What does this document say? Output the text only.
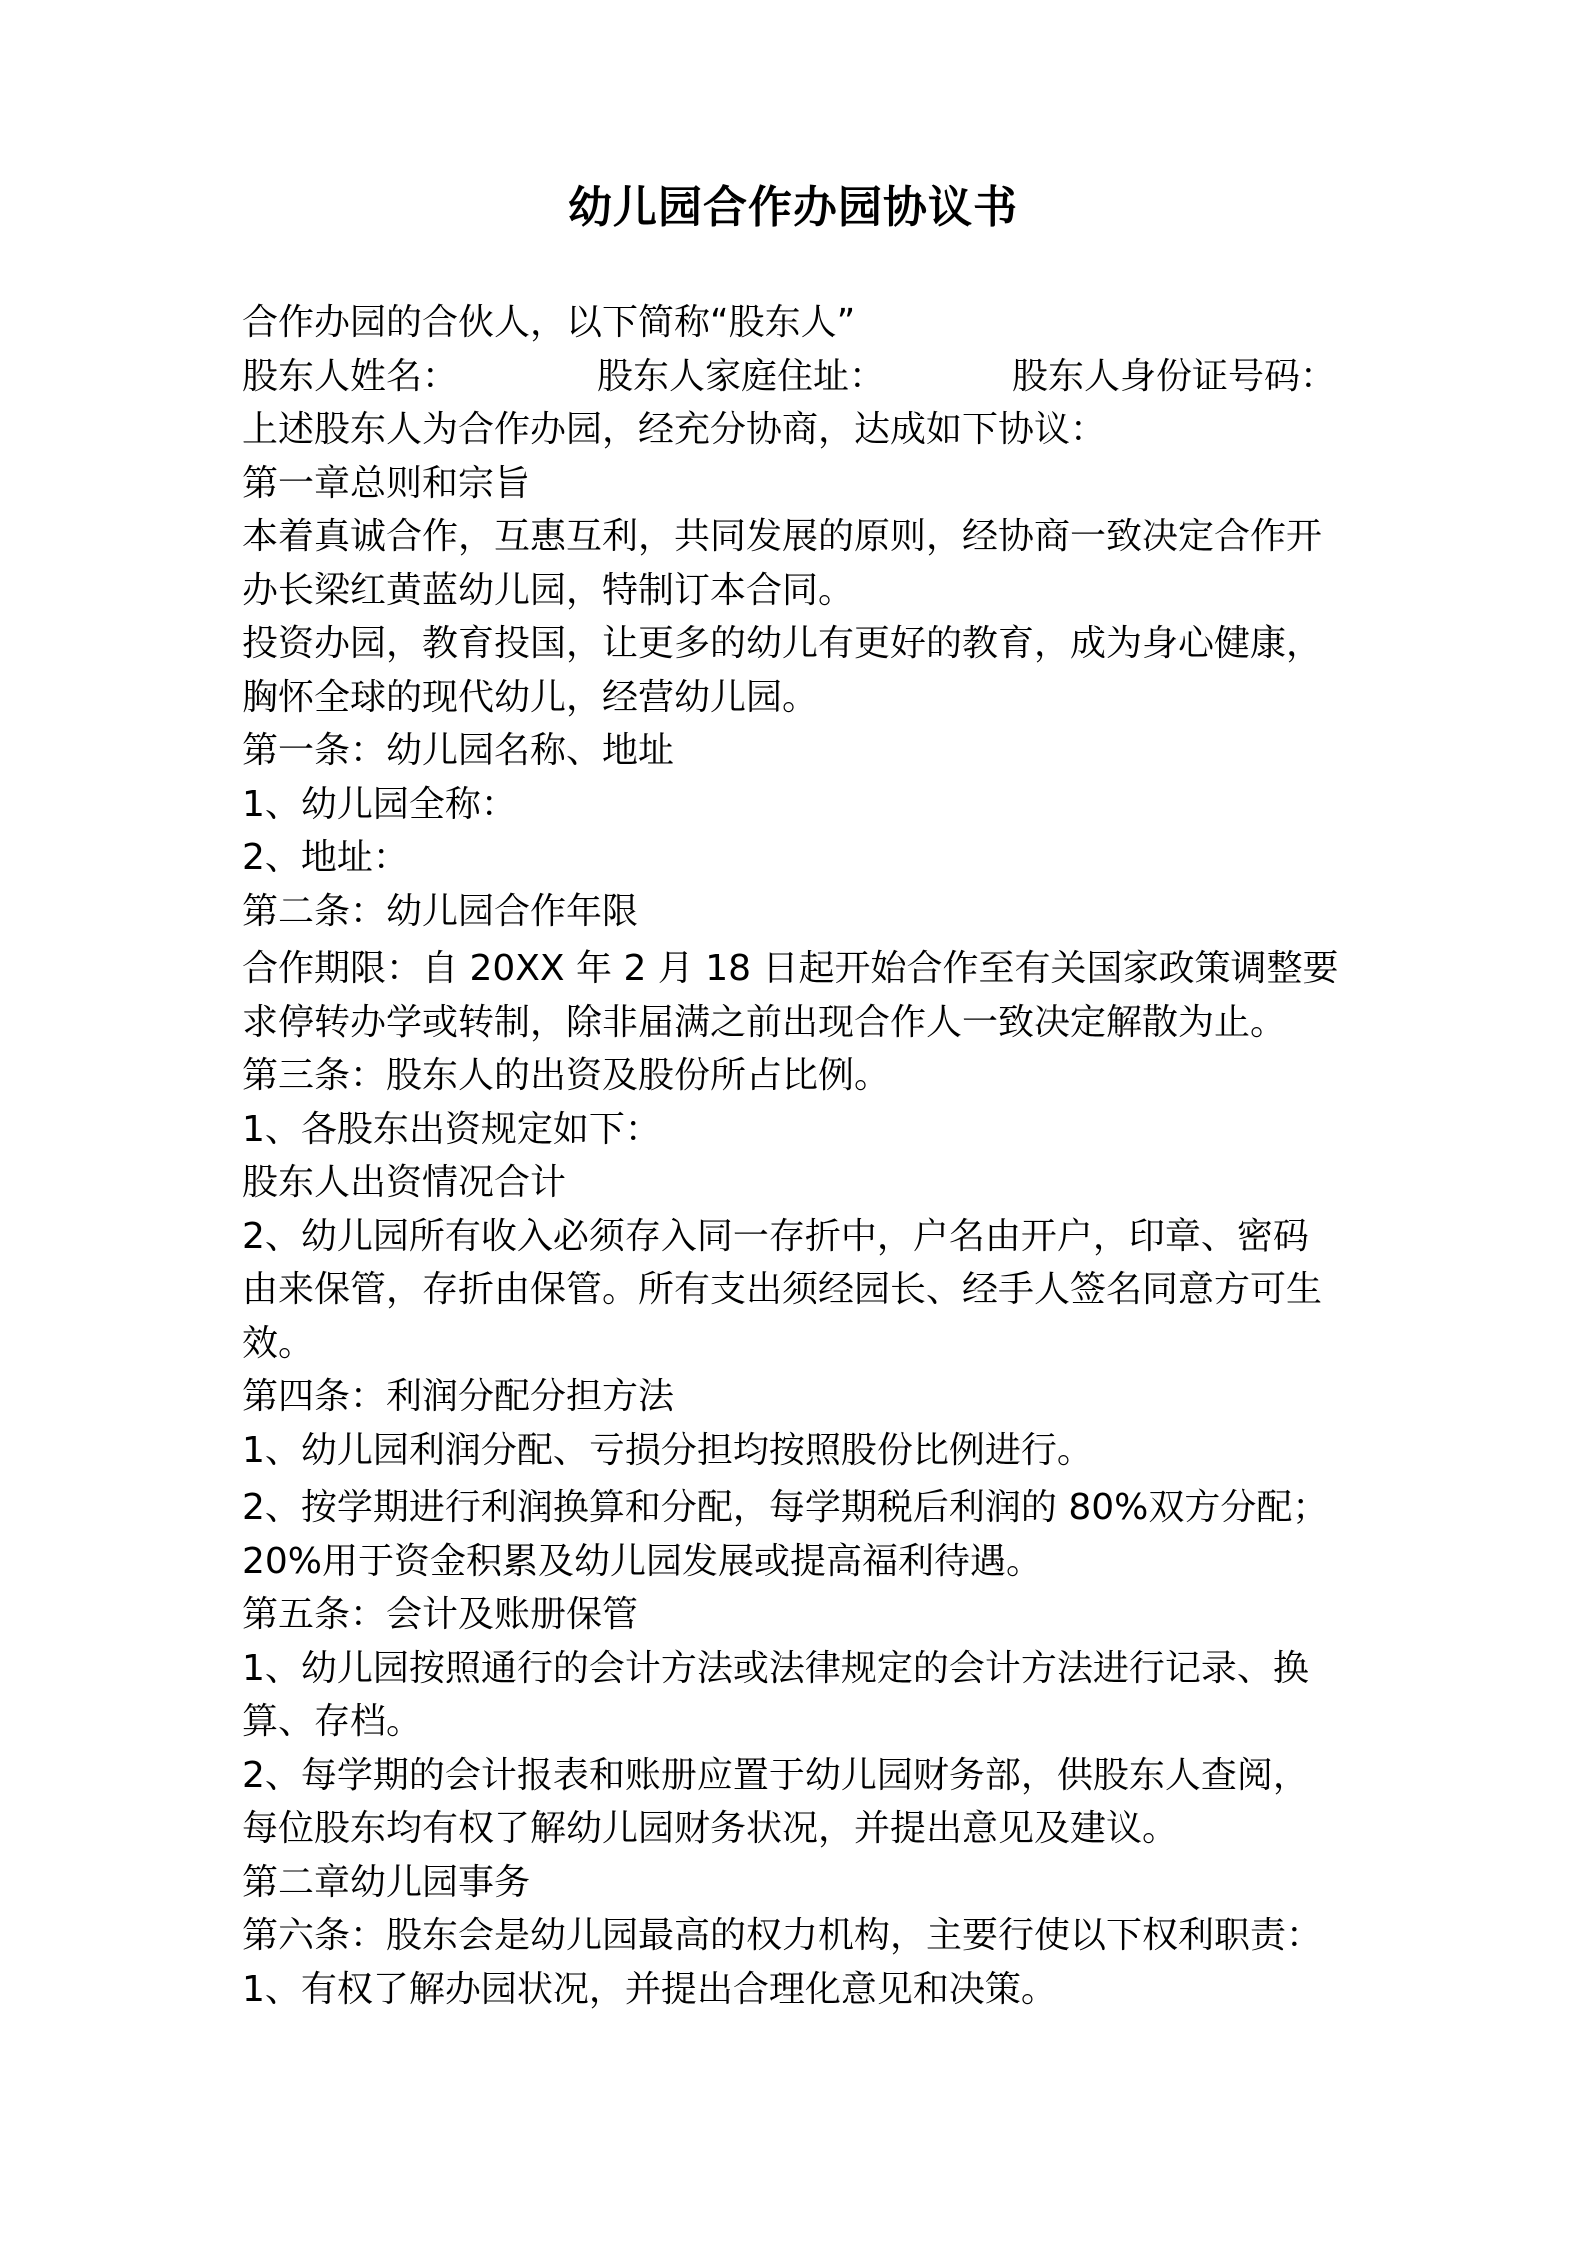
幼儿园合作办园协议书
合作办园的合伙人，以下简称“股东人”
股东人姓名：	股东人家庭住址：	股东人身份证号码：
上述股东人为合作办园，经充分协商，达成如下协议：
第一章总则和宗旨
本着真诚合作，互惠互利，共同发展的原则，经协商一致决定合作开
办长梁红黄蓝幼儿园，特制订本合同。
投资办园，教育投国，让更多的幼儿有更好的教育，成为身心健康，
胸怀全球的现代幼儿，经营幼儿园。
第一条：幼儿园名称、地址
1、幼儿园全称：
2、地址：
第二条：幼儿园合作年限
合作期限：自 20XX 年 2 月 18 日起开始合作至有关国家政策调整要
求停转办学或转制，除非届满之前出现合作人一致决定解散为止。
第三条：股东人的出资及股份所占比例。
1、各股东出资规定如下：
股东人出资情况合计
2、幼儿园所有收入必须存入同一存折中，户名由开户，印章、密码
由来保管，存折由保管。所有支出须经园长、经手人签名同意方可生
效。
第四条：利润分配分担方法
1、幼儿园利润分配、亏损分担均按照股份比例进行。
2、按学期进行利润换算和分配，每学期税后利润的 80%双方分配；
20%用于资金积累及幼儿园发展或提高福利待遇。
第五条：会计及账册保管
1、幼儿园按照通行的会计方法或法律规定的会计方法进行记录、换
算、存档。
2、每学期的会计报表和账册应置于幼儿园财务部，供股东人查阅，
每位股东均有权了解幼儿园财务状况，并提出意见及建议。
第二章幼儿园事务
第六条：股东会是幼儿园最高的权力机构，主要行使以下权利职责：
1、有权了解办园状况，并提出合理化意见和决策。
